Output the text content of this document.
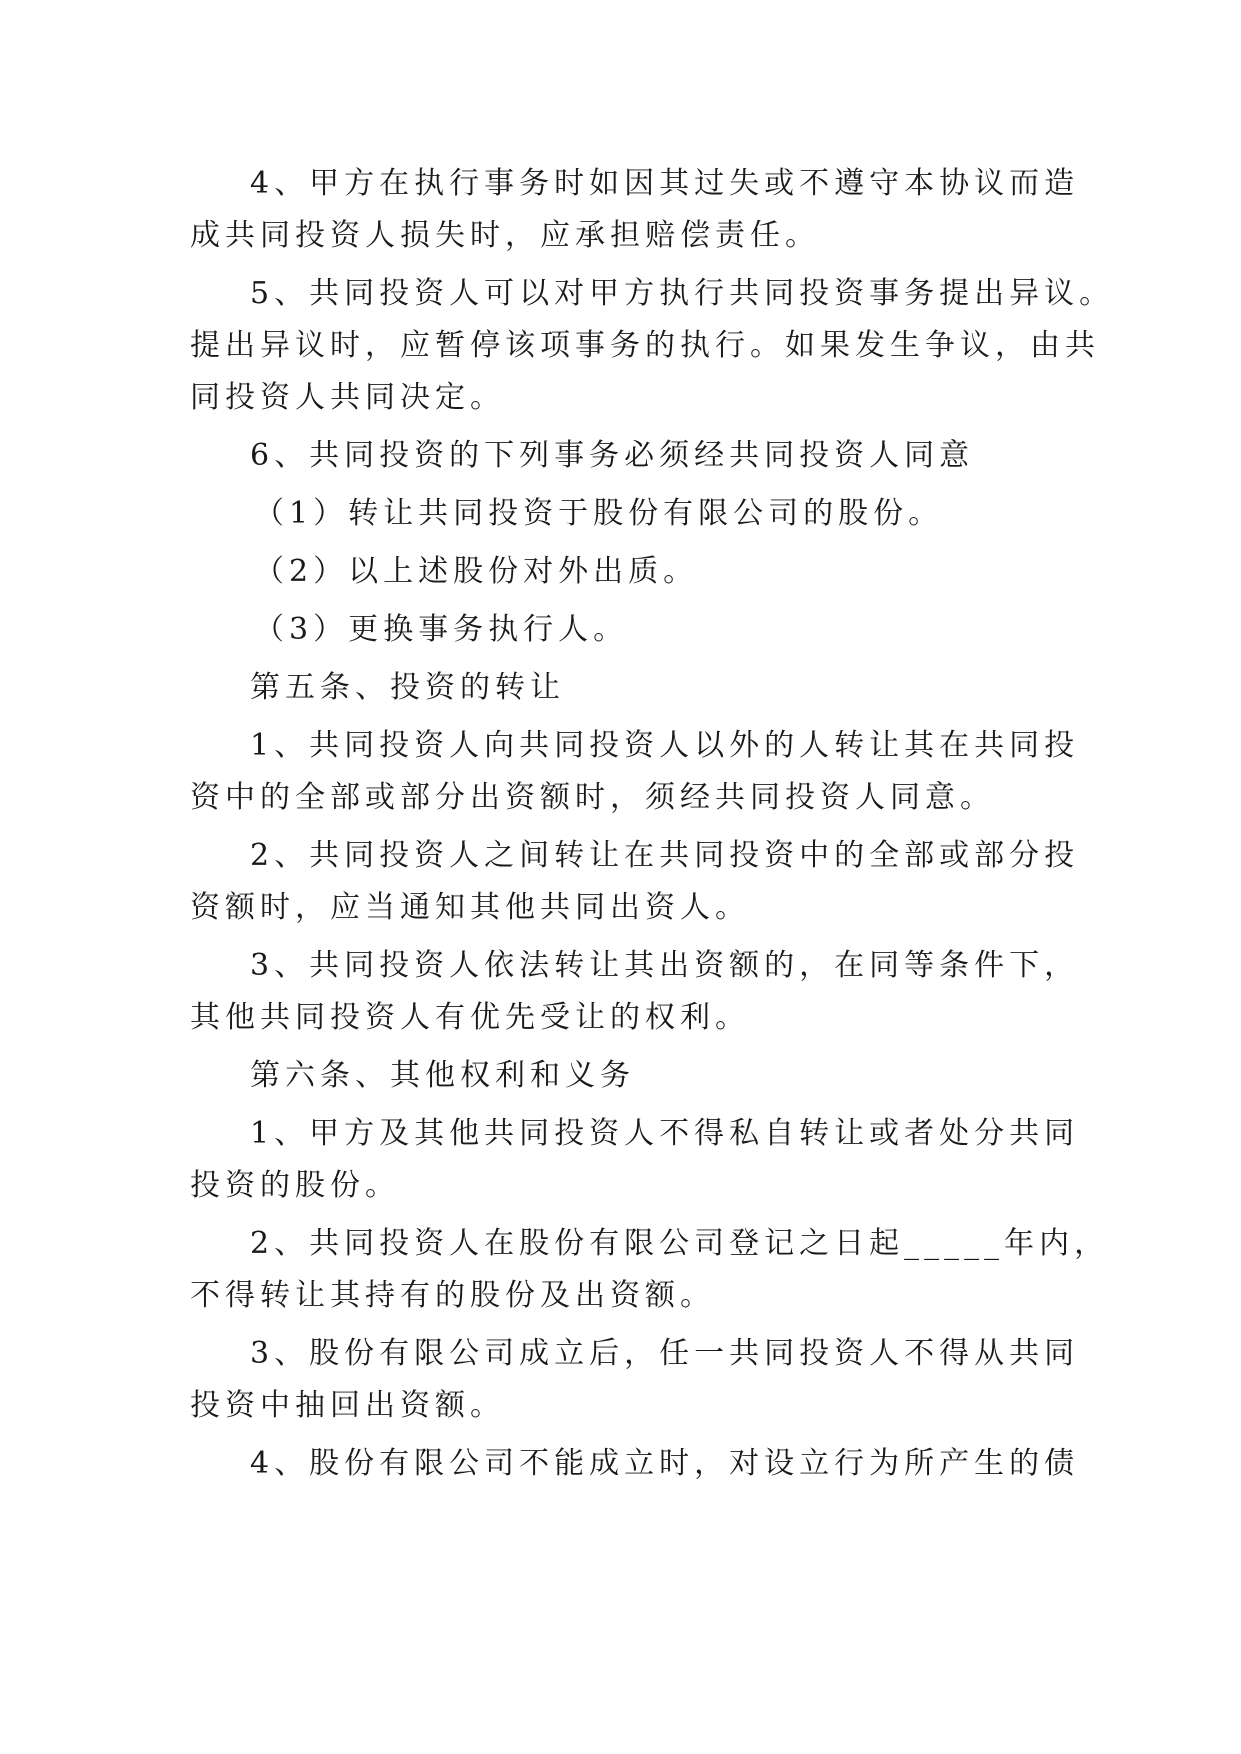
4、甲方在执行事务时如因其过失或不遵守本协议而造
成共同投资人损失时，应承担赔偿责任。
5、共同投资人可以对甲方执行共同投资事务提出异议。
提出异议时，应暂停该项事务的执行。如果发生争议，由共
同投资人共同决定。
6、共同投资的下列事务必须经共同投资人同意
（1）转让共同投资于股份有限公司的股份。
（2）以上述股份对外出质。
（3）更换事务执行人。
第五条、投资的转让
1、共同投资人向共同投资人以外的人转让其在共同投
资中的全部或部分出资额时，须经共同投资人同意。
2、共同投资人之间转让在共同投资中的全部或部分投
资额时，应当通知其他共同出资人。
3、共同投资人依法转让其出资额的，在同等条件下，
其他共同投资人有优先受让的权利。
第六条、其他权利和义务
1、甲方及其他共同投资人不得私自转让或者处分共同
投资的股份。
2、共同投资人在股份有限公司登记之日起_____年内，
不得转让其持有的股份及出资额。
3、股份有限公司成立后，任一共同投资人不得从共同
投资中抽回出资额。
4、股份有限公司不能成立时，对设立行为所产生的债
